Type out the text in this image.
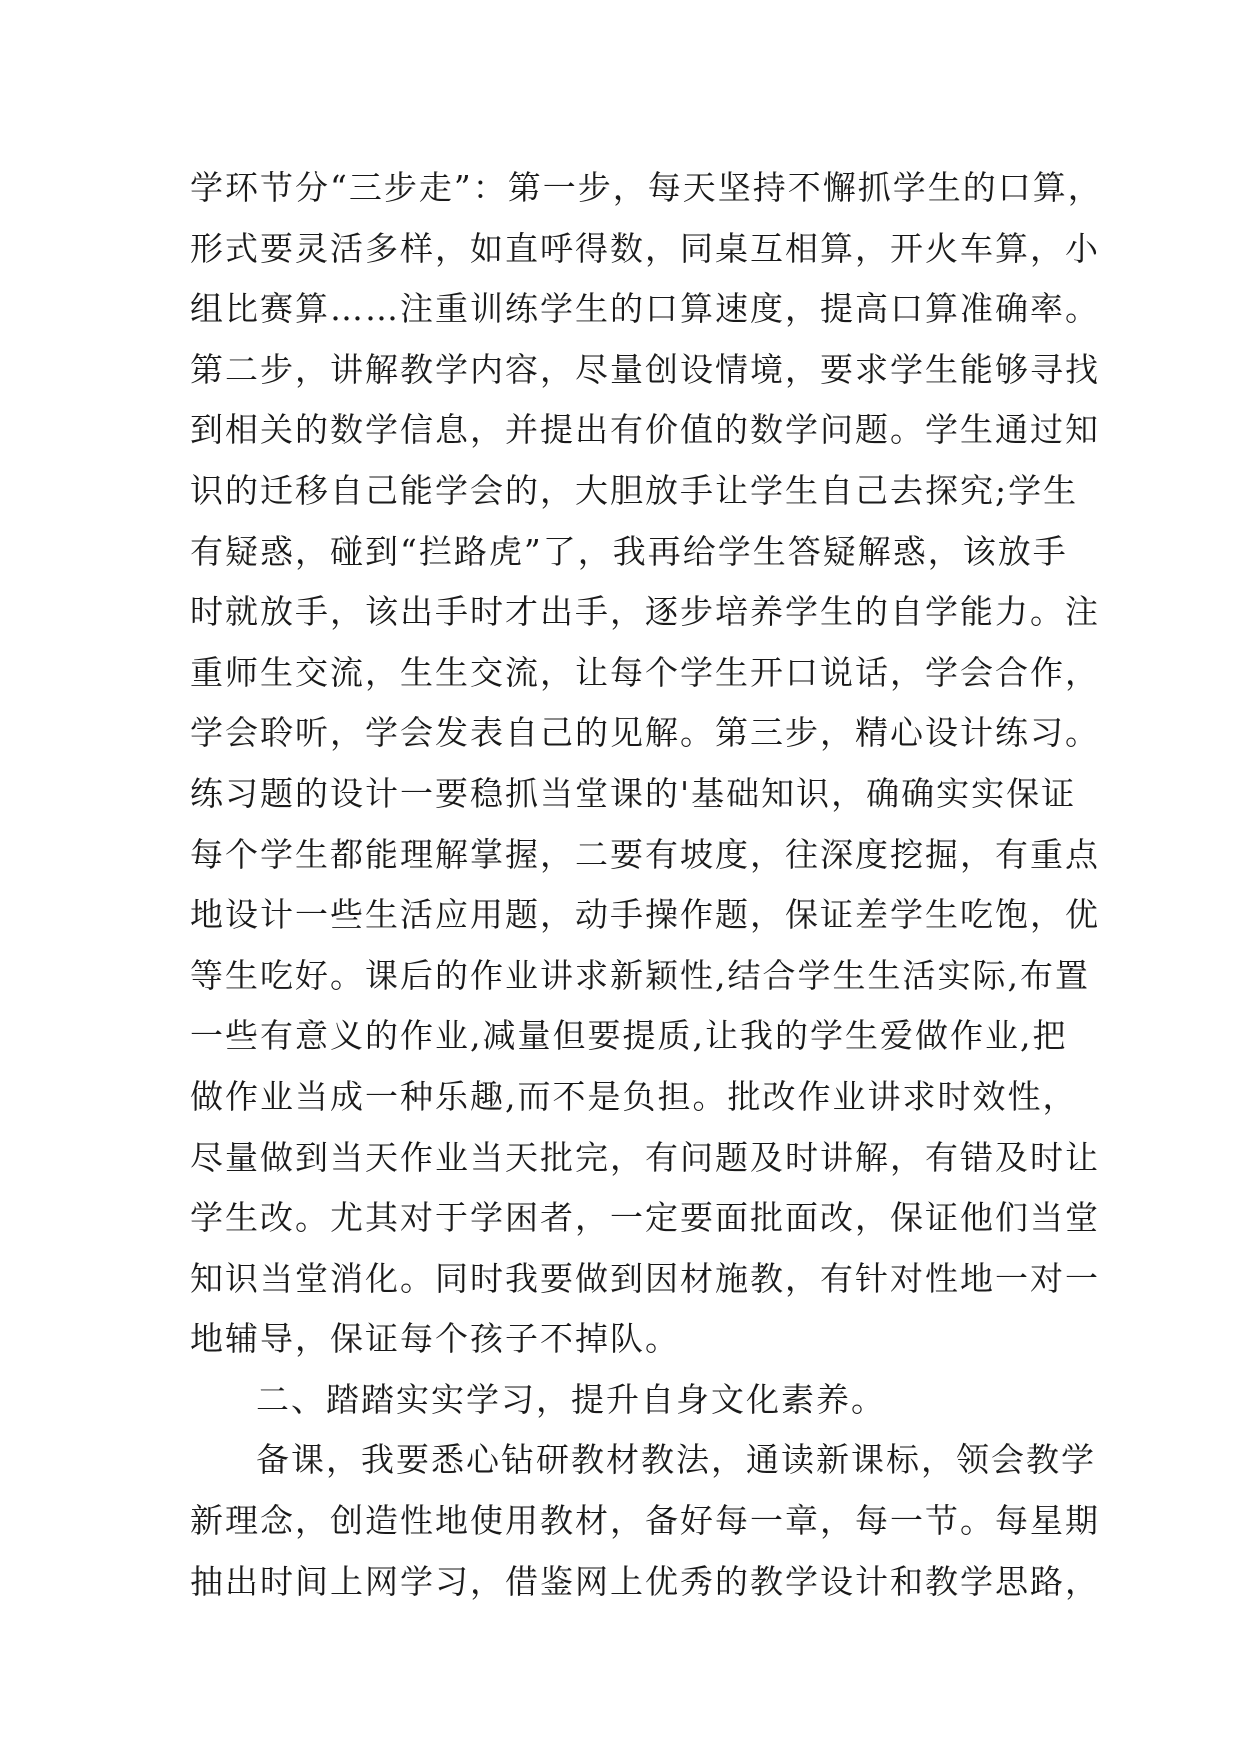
学环节分“三步走”：第一步，每天坚持不懈抓学生的口算，
形式要灵活多样，如直呼得数，同桌互相算，开火车算，小
组比赛算……注重训练学生的口算速度，提高口算准确率。
第二步，讲解教学内容，尽量创设情境，要求学生能够寻找
到相关的数学信息，并提出有价值的数学问题。学生通过知
识的迁移自己能学会的，大胆放手让学生自己去探究;学生
有疑惑，碰到“拦路虎”了，我再给学生答疑解惑，该放手
时就放手，该出手时才出手，逐步培养学生的自学能力。注
重师生交流，生生交流，让每个学生开口说话，学会合作，
学会聆听，学会发表自己的见解。第三步，精心设计练习。
练习题的设计一要稳抓当堂课的'基础知识，确确实实保证
每个学生都能理解掌握，二要有坡度，往深度挖掘，有重点
地设计一些生活应用题，动手操作题，保证差学生吃饱，优
等生吃好。课后的作业讲求新颖性,结合学生生活实际,布置
一些有意义的作业,减量但要提质,让我的学生爱做作业,把
做作业当成一种乐趣,而不是负担。批改作业讲求时效性，
尽量做到当天作业当天批完，有问题及时讲解，有错及时让
学生改。尤其对于学困者，一定要面批面改，保证他们当堂
知识当堂消化。同时我要做到因材施教，有针对性地一对一
地辅导，保证每个孩子不掉队。
二、踏踏实实学习，提升自身文化素养。
备课，我要悉心钻研教材教法，通读新课标，领会教学
新理念，创造性地使用教材，备好每一章，每一节。每星期
抽出时间上网学习，借鉴网上优秀的教学设计和教学思路，
